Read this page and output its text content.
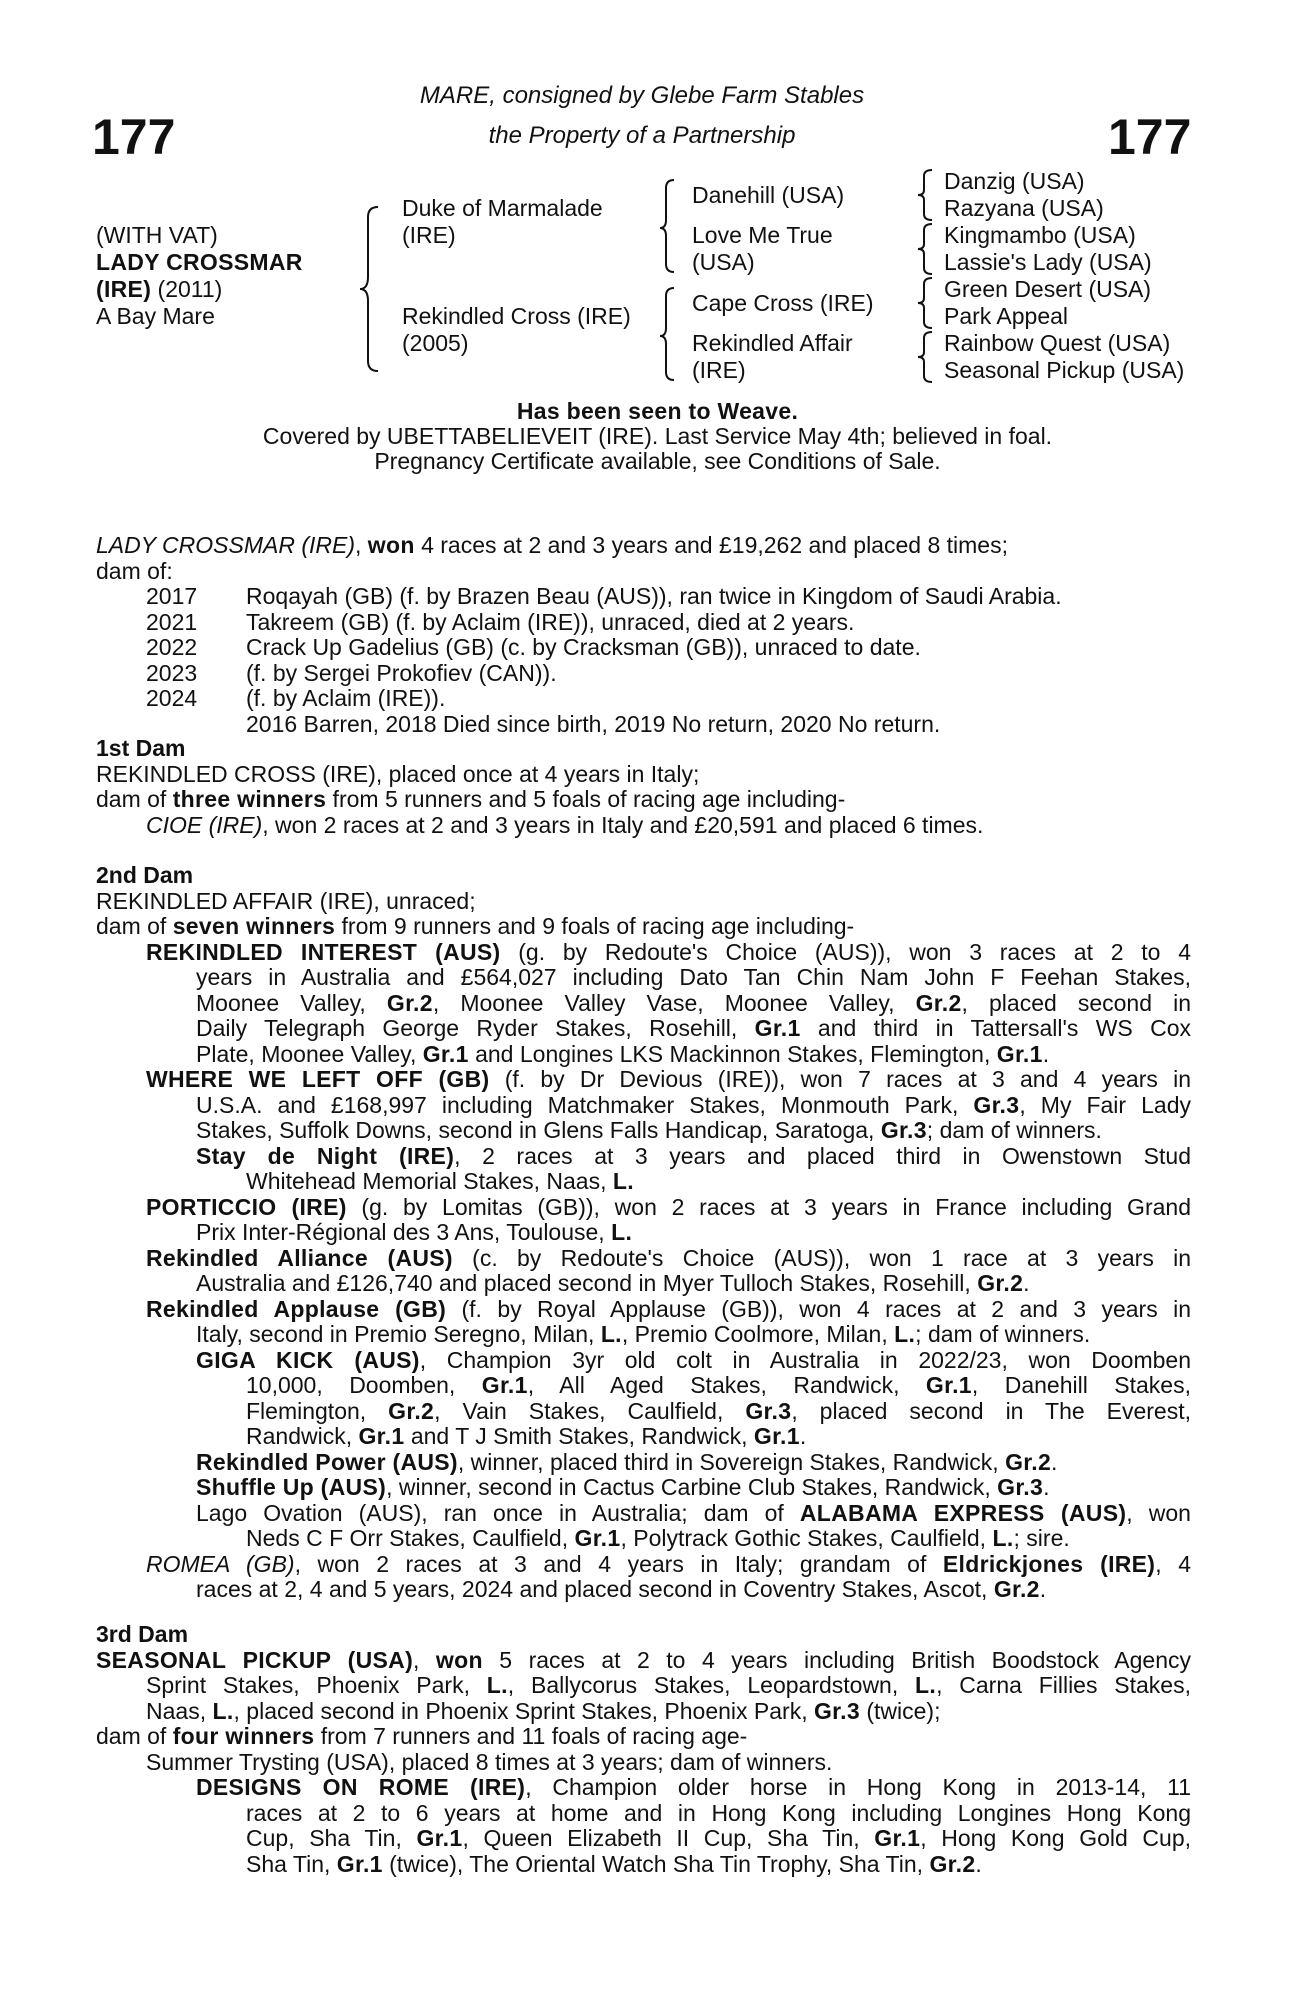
177	177
MARE, consigned by Glebe Farm Stables
the Property of a Partnership
(WITH VAT)
LADY CROSSMAR
(IRE) (2011)
A Bay Mare
Duke of Marmalade
(IRE)
Rekindled Cross (IRE)
(2005)
Danehill (USA)
Love Me True
(USA)
Cape Cross (IRE)
Rekindled Affair
(IRE)
Danzig (USA)
Razyana (USA)
Kingmambo (USA)
Lassie's Lady (USA)
Green Desert (USA)
Park Appeal
Rainbow Quest (USA)
Seasonal Pickup (USA)
Has been seen to Weave.
Covered by UBETTABELIEVEIT (IRE). Last Service May 4th; believed in foal.
Pregnancy Certificate available, see Conditions of Sale.

LADY CROSSMAR (IRE), won 4 races at 2 and 3 years and £19,262 and placed 8 times;

dam of:

2017 Roqayah (GB) (f. by Brazen Beau (AUS)), ran twice in Kingdom of Saudi Arabia.
2021 Takreem (GB) (f. by Aclaim (IRE)), unraced, died at 2 years.
2022 Crack Up Gadelius (GB) (c. by Cracksman (GB)), unraced to date.
2023 (f. by Sergei Prokofiev (CAN)).
2024 (f. by Aclaim (IRE)).
2016 Barren, 2018 Died since birth, 2019 No return, 2020 No return.

1st Dam

REKINDLED CROSS (IRE), placed once at 4 years in Italy;

dam of three winners from 5 runners and 5 foals of racing age including-

CIOE (IRE), won 2 races at 2 and 3 years in Italy and £20,591 and placed 6 times.

2nd Dam

REKINDLED AFFAIR (IRE), unraced;

dam of seven winners from 9 runners and 9 foals of racing age including-

REKINDLED INTEREST (AUS) (g. by Redoute's Choice (AUS)), won 3 races at 2 to 4

years in Australia and £564,027 including Dato Tan Chin Nam John F Feehan Stakes,

Moonee Valley, Gr.2, Moonee Valley Vase, Moonee Valley, Gr.2, placed second in

Daily Telegraph George Ryder Stakes, Rosehill, Gr.1 and third in Tattersall's WS Cox

Plate, Moonee Valley, Gr.1 and Longines LKS Mackinnon Stakes, Flemington, Gr.1.

WHERE WE LEFT OFF (GB) (f. by Dr Devious (IRE)), won 7 races at 3 and 4 years in

U.S.A. and £168,997 including Matchmaker Stakes, Monmouth Park, Gr.3, My Fair Lady

Stakes, Suffolk Downs, second in Glens Falls Handicap, Saratoga, Gr.3; dam of winners.

Stay de Night (IRE), 2 races at 3 years and placed third in Owenstown Stud

Whitehead Memorial Stakes, Naas, L.

PORTICCIO (IRE) (g. by Lomitas (GB)), won 2 races at 3 years in France including Grand

Prix Inter-Régional des 3 Ans, Toulouse, L.

Rekindled Alliance (AUS) (c. by Redoute's Choice (AUS)), won 1 race at 3 years in

Australia and £126,740 and placed second in Myer Tulloch Stakes, Rosehill, Gr.2.

Rekindled Applause (GB) (f. by Royal Applause (GB)), won 4 races at 2 and 3 years in

Italy, second in Premio Seregno, Milan, L., Premio Coolmore, Milan, L.; dam of winners.

GIGA KICK (AUS), Champion 3yr old colt in Australia in 2022/23, won Doomben

10,000, Doomben, Gr.1, All Aged Stakes, Randwick, Gr.1, Danehill Stakes,

Flemington, Gr.2, Vain Stakes, Caulfield, Gr.3, placed second in The Everest,

Randwick, Gr.1 and T J Smith Stakes, Randwick, Gr.1.

Rekindled Power (AUS), winner, placed third in Sovereign Stakes, Randwick, Gr.2.

Shuffle Up (AUS), winner, second in Cactus Carbine Club Stakes, Randwick, Gr.3.

Lago Ovation (AUS), ran once in Australia; dam of ALABAMA EXPRESS (AUS), won

Neds C F Orr Stakes, Caulfield, Gr.1, Polytrack Gothic Stakes, Caulfield, L.; sire.

ROMEA (GB), won 2 races at 3 and 4 years in Italy; grandam of Eldrickjones (IRE), 4

races at 2, 4 and 5 years, 2024 and placed second in Coventry Stakes, Ascot, Gr.2.

3rd Dam

SEASONAL PICKUP (USA), won 5 races at 2 to 4 years including British Boodstock Agency

Sprint Stakes, Phoenix Park, L., Ballycorus Stakes, Leopardstown, L., Carna Fillies Stakes,

Naas, L., placed second in Phoenix Sprint Stakes, Phoenix Park, Gr.3 (twice);

dam of four winners from 7 runners and 11 foals of racing age-

Summer Trysting (USA), placed 8 times at 3 years; dam of winners.

DESIGNS ON ROME (IRE), Champion older horse in Hong Kong in 2013-14, 11

races at 2 to 6 years at home and in Hong Kong including Longines Hong Kong

Cup, Sha Tin, Gr.1, Queen Elizabeth II Cup, Sha Tin, Gr.1, Hong Kong Gold Cup,

Sha Tin, Gr.1 (twice), The Oriental Watch Sha Tin Trophy, Sha Tin, Gr.2.
